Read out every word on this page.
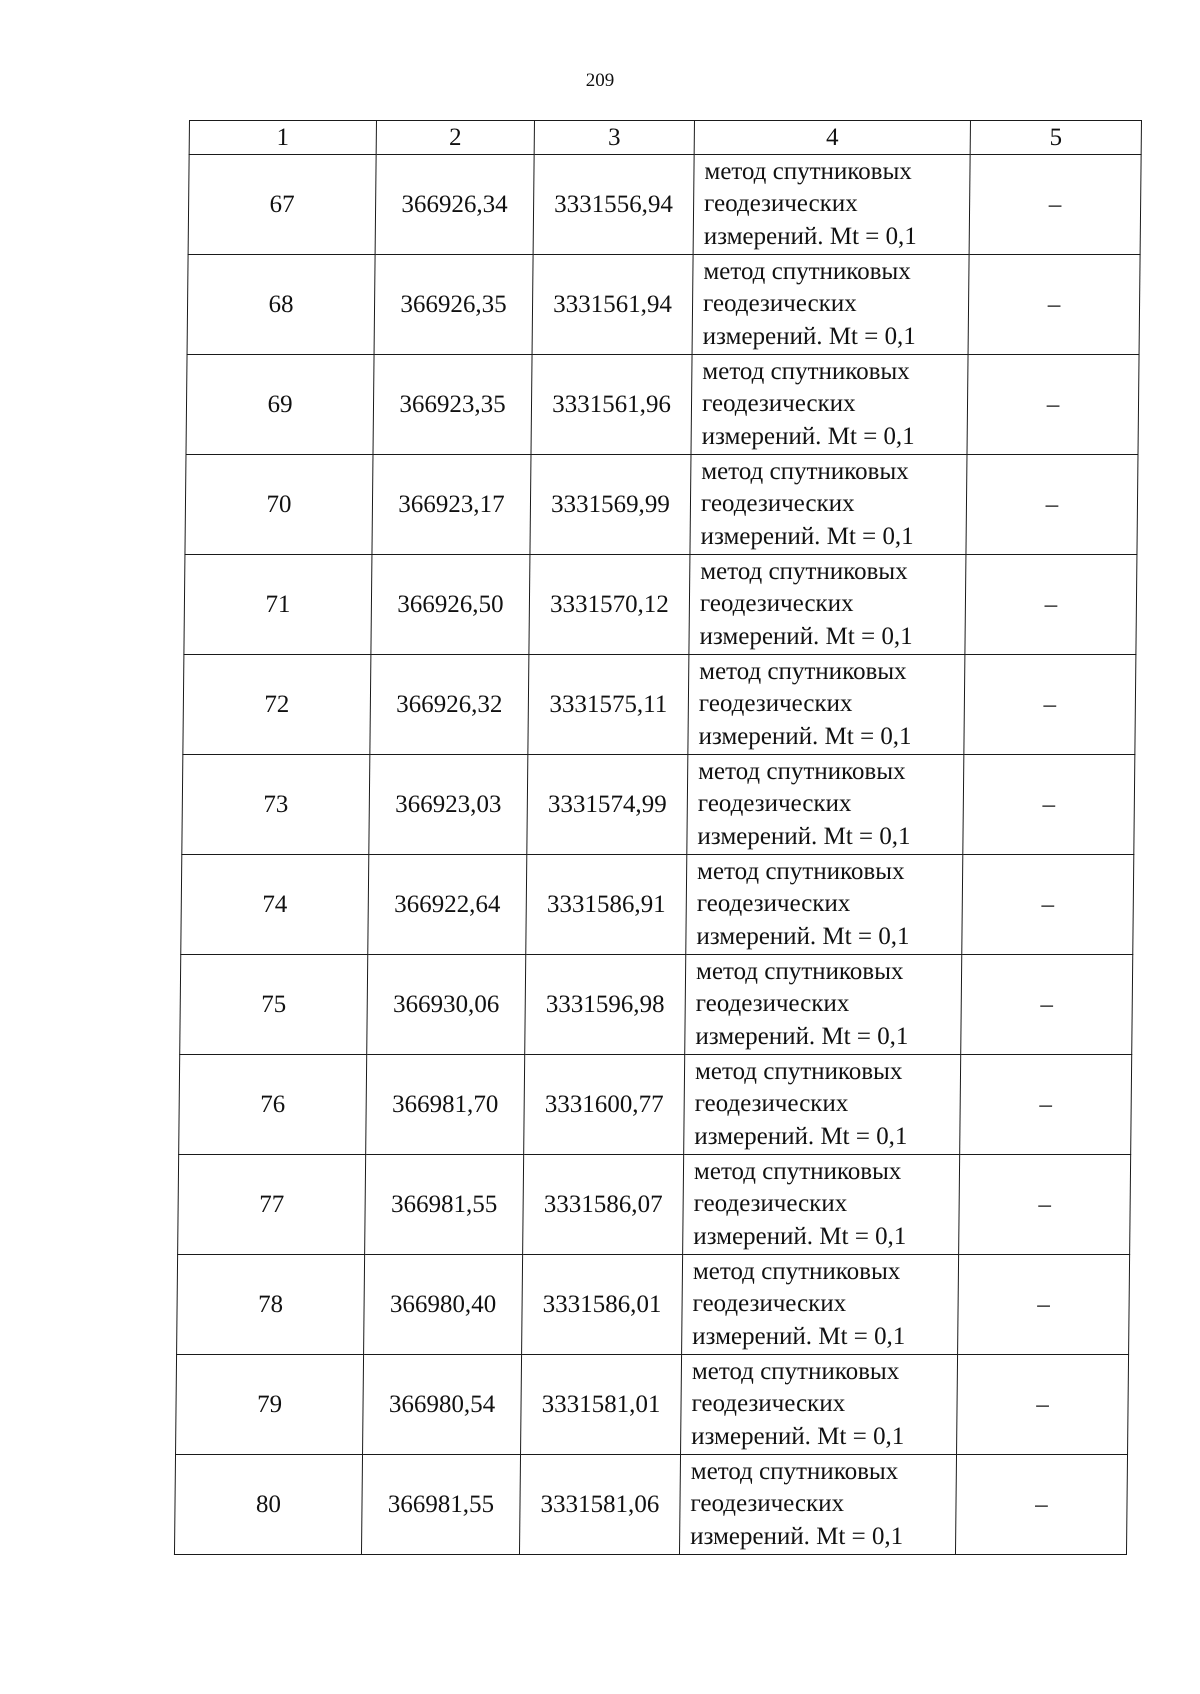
209
1	2	3	4	5
67	366926,34	3331556,94	метод спутниковых
геодезических
измерений. Mt = 0,1	–
68	366926,35	3331561,94	метод спутниковых
геодезических
измерений. Mt = 0,1	–
69	366923,35	3331561,96	метод спутниковых
геодезических
измерений. Mt = 0,1	–
70	366923,17	3331569,99	метод спутниковых
геодезических
измерений. Mt = 0,1	–
71	366926,50	3331570,12	метод спутниковых
геодезических
измерений. Mt = 0,1	–
72	366926,32	3331575,11	метод спутниковых
геодезических
измерений. Mt = 0,1	–
73	366923,03	3331574,99	метод спутниковых
геодезических
измерений. Mt = 0,1	–
74	366922,64	3331586,91	метод спутниковых
геодезических
измерений. Mt = 0,1	–
75	366930,06	3331596,98	метод спутниковых
геодезических
измерений. Mt = 0,1	–
76	366981,70	3331600,77	метод спутниковых
геодезических
измерений. Mt = 0,1	–
77	366981,55	3331586,07	метод спутниковых
геодезических
измерений. Mt = 0,1	–
78	366980,40	3331586,01	метод спутниковых
геодезических
измерений. Mt = 0,1	–
79	366980,54	3331581,01	метод спутниковых
геодезических
измерений. Mt = 0,1	–
80	366981,55	3331581,06	метод спутниковых
геодезических
измерений. Mt = 0,1	–
